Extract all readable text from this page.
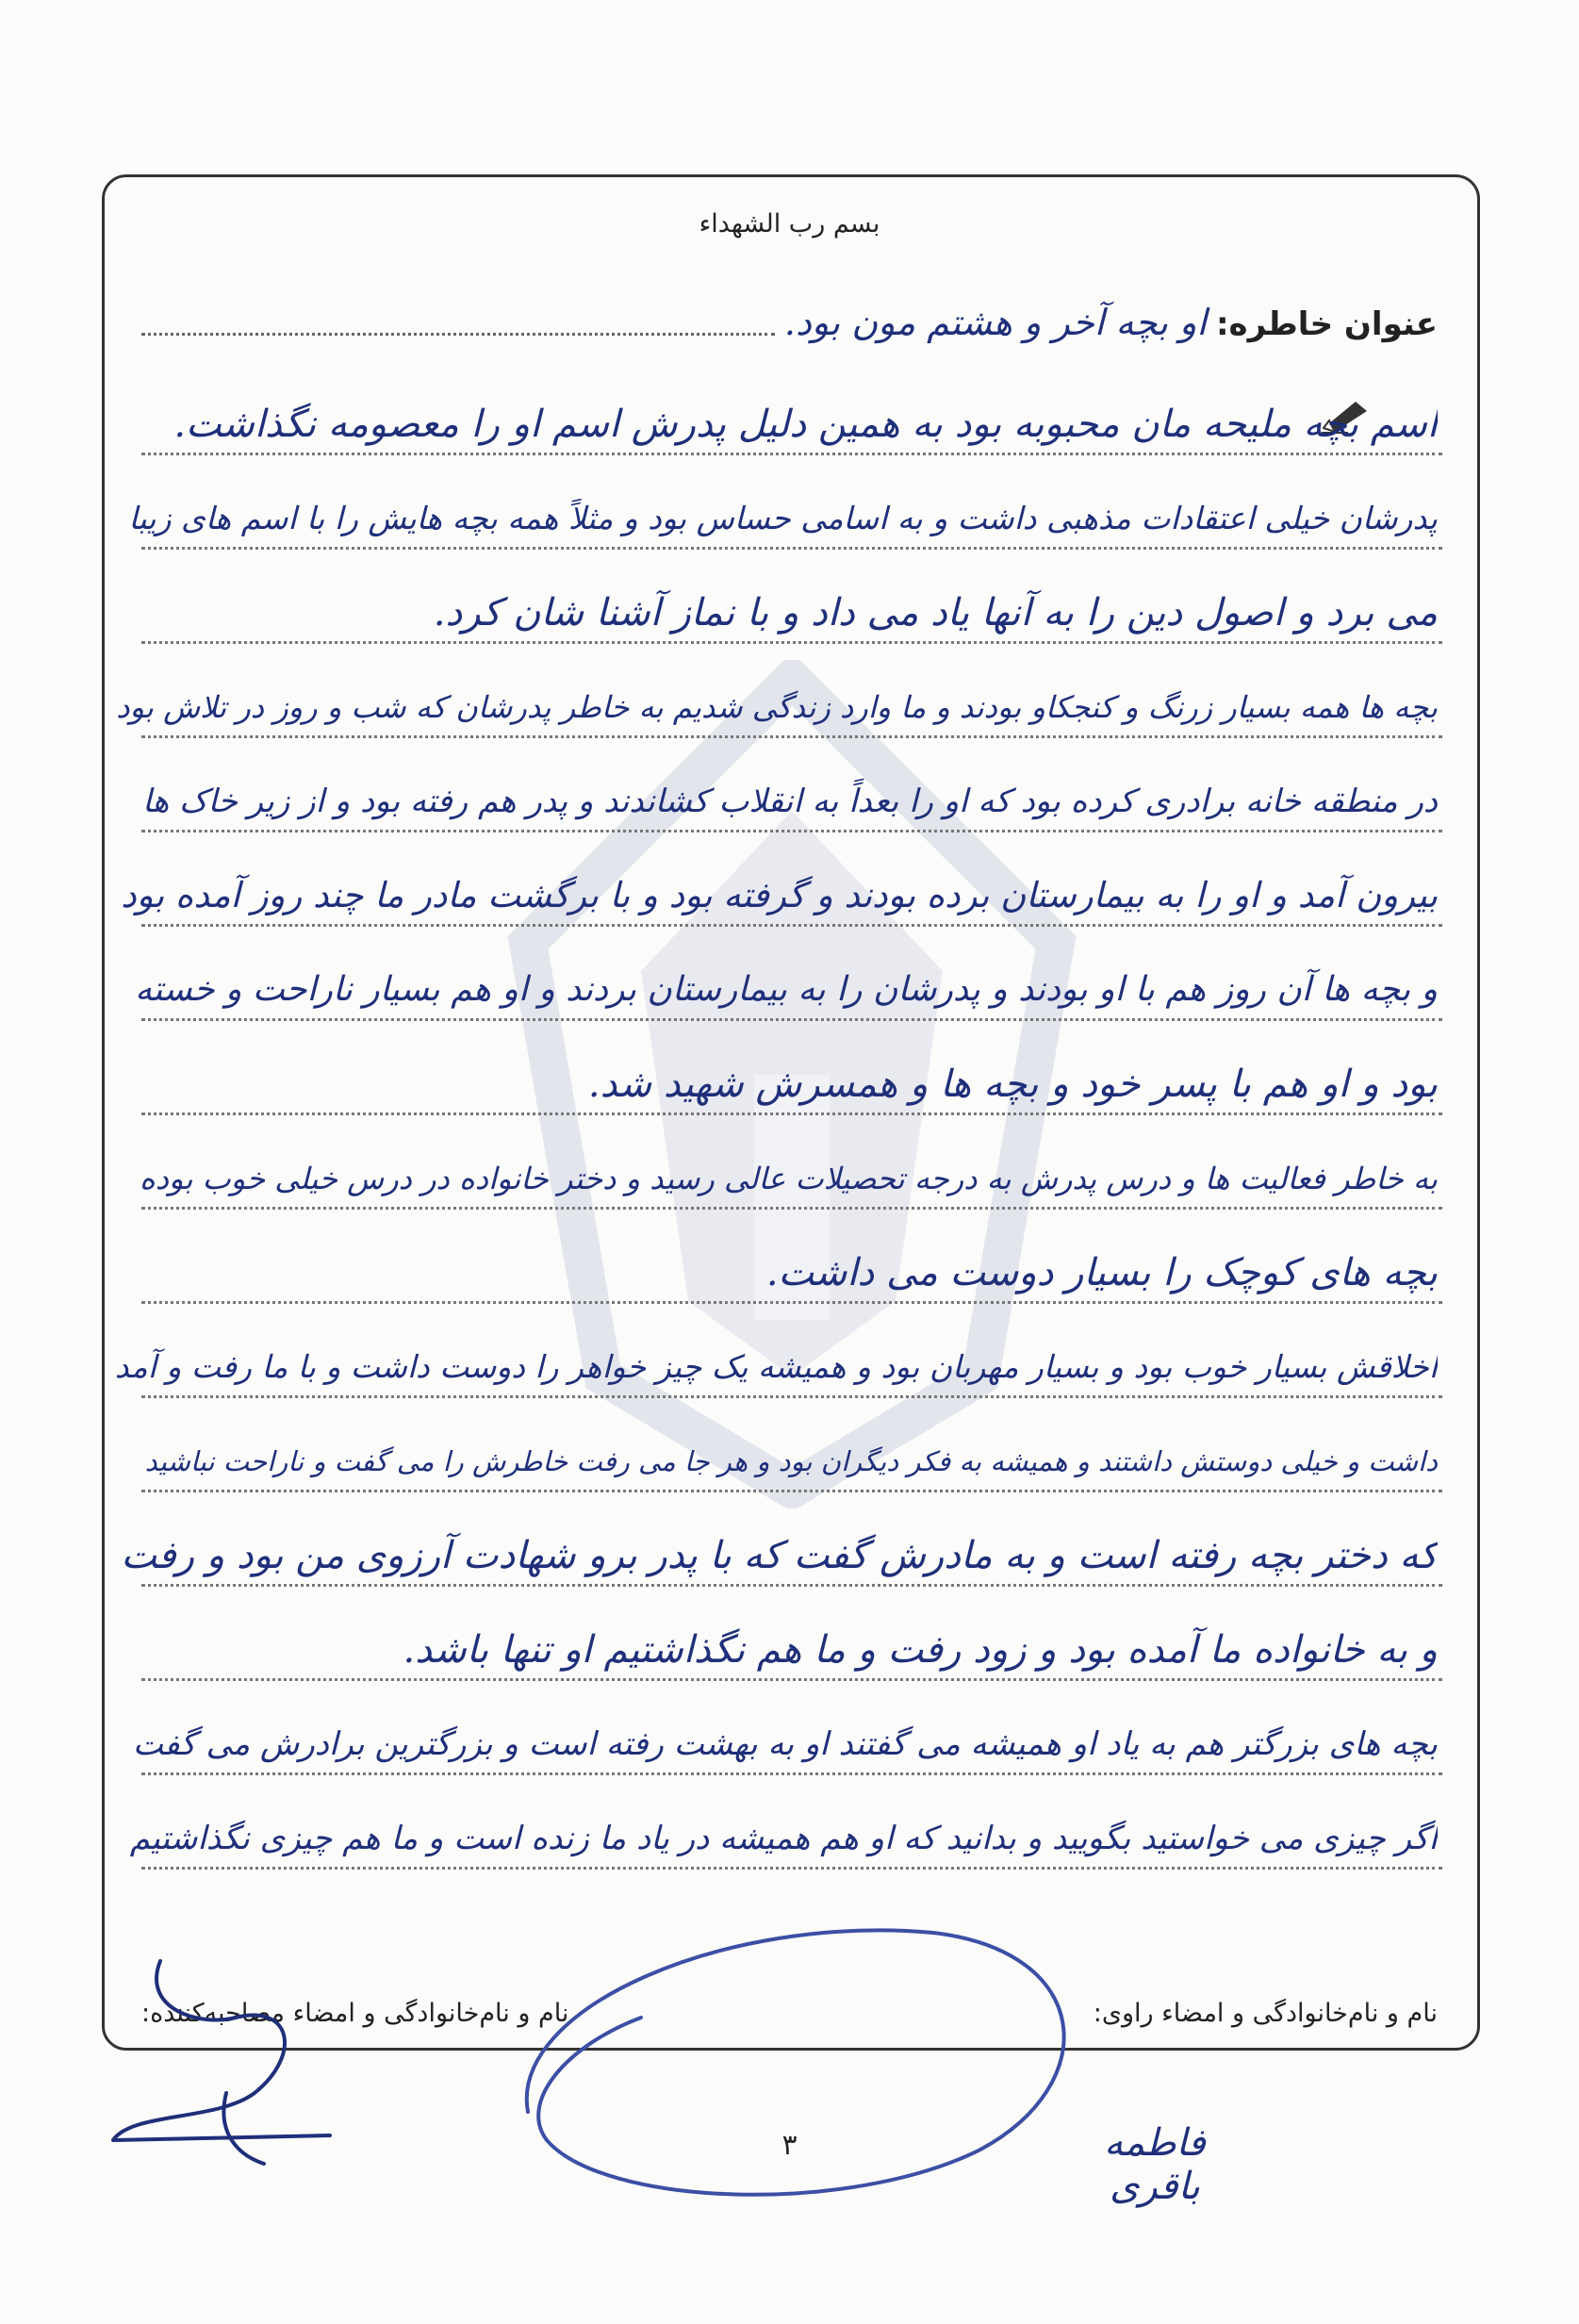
بسم رب الشهداء
عنوان خاطره:
او بچه آخر و هشتم مون بود.
اسم بچه ملیحه مان محبوبه بود به همین دلیل پدرش اسم او را معصومه نگذاشت.
پدرشان خیلی اعتقادات مذهبی داشت و به اسامی حساس بود و مثلاً همه بچه هایش را با اسم های زیبا
می برد و اصول دین را به آنها یاد می داد و با نماز آشنا شان کرد.
بچه ها همه بسیار زرنگ و کنجکاو بودند و ما وارد زندگی شدیم به خاطر پدرشان که شب و روز در تلاش بود
در منطقه خانه برادری کرده بود که او را بعداً به انقلاب کشاندند و پدر هم رفته بود و از زیر خاک ها
بیرون آمد و او را به بیمارستان برده بودند و گرفته بود و با برگشت مادر ما چند روز آمده بود
و بچه ها آن روز هم با او بودند و پدرشان را به بیمارستان بردند و او هم بسیار ناراحت و خسته
بود و او هم با پسر خود و بچه ها و همسرش شهید شد.
به خاطر فعالیت ها و درس پدرش به درجه تحصیلات عالی رسید و دختر خانواده در درس خیلی خوب بوده
بچه های کوچک را بسیار دوست می داشت.
اخلاقش بسیار خوب بود و بسیار مهربان بود و همیشه یک چیز خواهر را دوست داشت و با ما رفت و آمد
داشت و خیلی دوستش داشتند و همیشه به فکر دیگران بود و هر جا می رفت خاطرش را می گفت و ناراحت نباشید
که دختر بچه رفته است و به مادرش گفت که با پدر برو شهادت آرزوی من بود و رفت
و به خانواده ما آمده بود و زود رفت و ما هم نگذاشتیم او تنها باشد.
بچه های بزرگتر هم به یاد او همیشه می گفتند او به بهشت رفته است و بزرگترین برادرش می گفت
اگر چیزی می خواستید بگویید و بدانید که او هم همیشه در یاد ما زنده است و ما هم چیزی نگذاشتیم
نام و نام‌خانوادگی و امضاء راوی:
نام و نام‌خانوادگی و امضاء مصاحبه‌کننده:
۳	فاطمه باقری
